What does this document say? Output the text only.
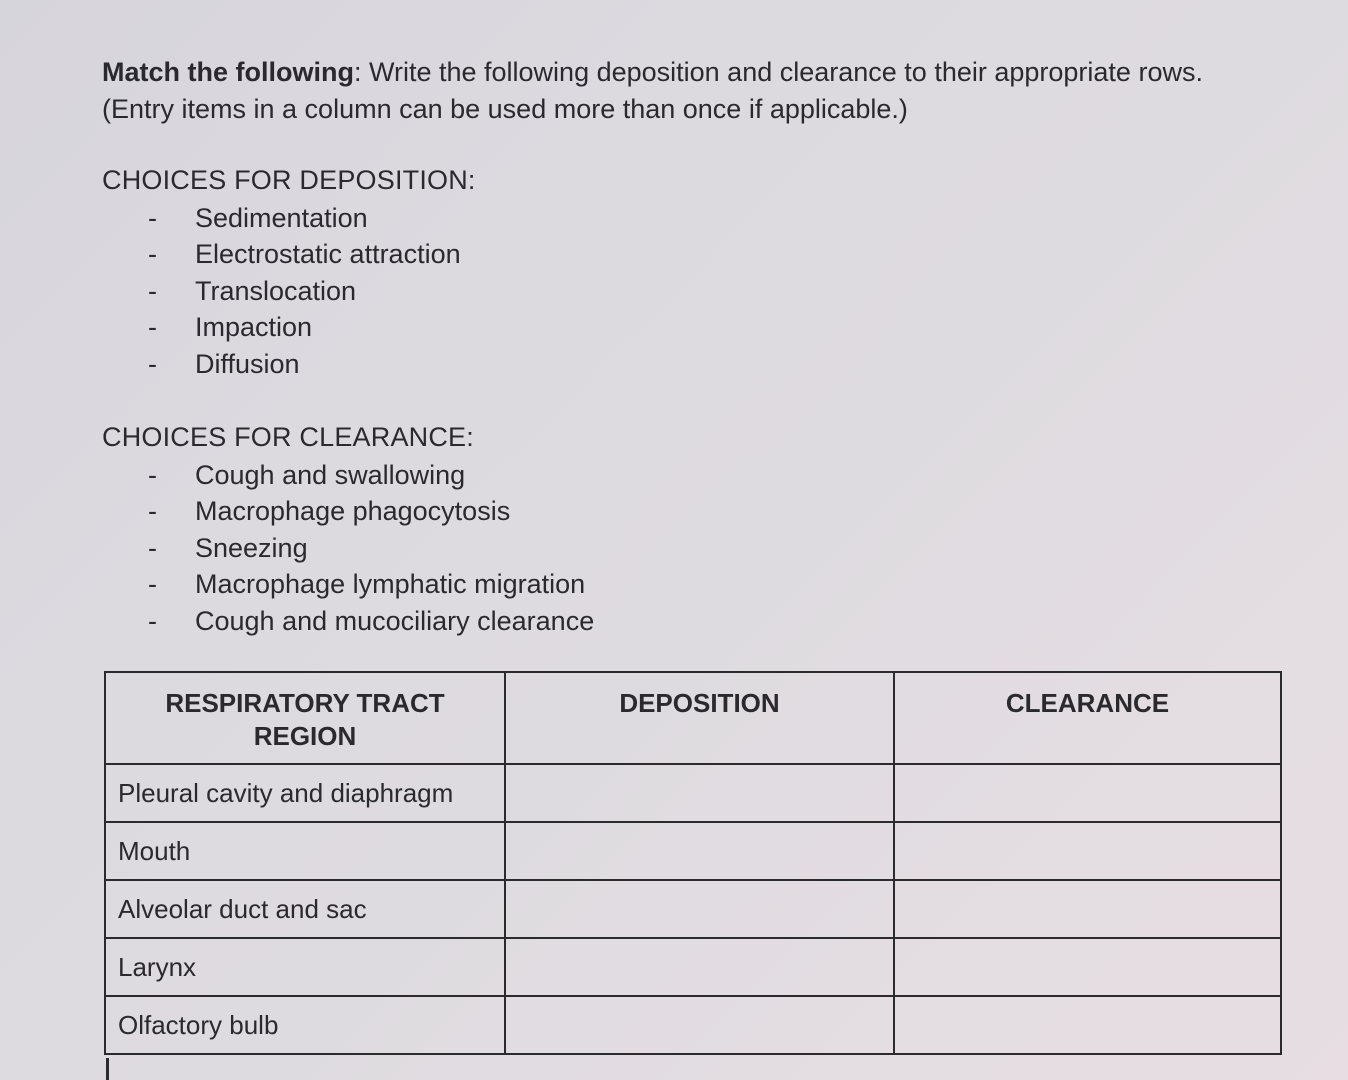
Match the following: Write the following deposition and clearance to their appropriate rows.
(Entry items in a column can be used more than once if applicable.)
CHOICES FOR DEPOSITION:
-	Sedimentation
-	Electrostatic attraction
-	Translocation
-	Impaction
-	Diffusion
CHOICES FOR CLEARANCE:
-	Cough and swallowing
-	Macrophage phagocytosis
-	Sneezing
-	Macrophage lymphatic migration
-	Cough and mucociliary clearance
RESPIRATORY TRACT
REGION	DEPOSITION	CLEARANCE
Pleural cavity and diaphragm		
Mouth		
Alveolar duct and sac		
Larynx		
Olfactory bulb		
